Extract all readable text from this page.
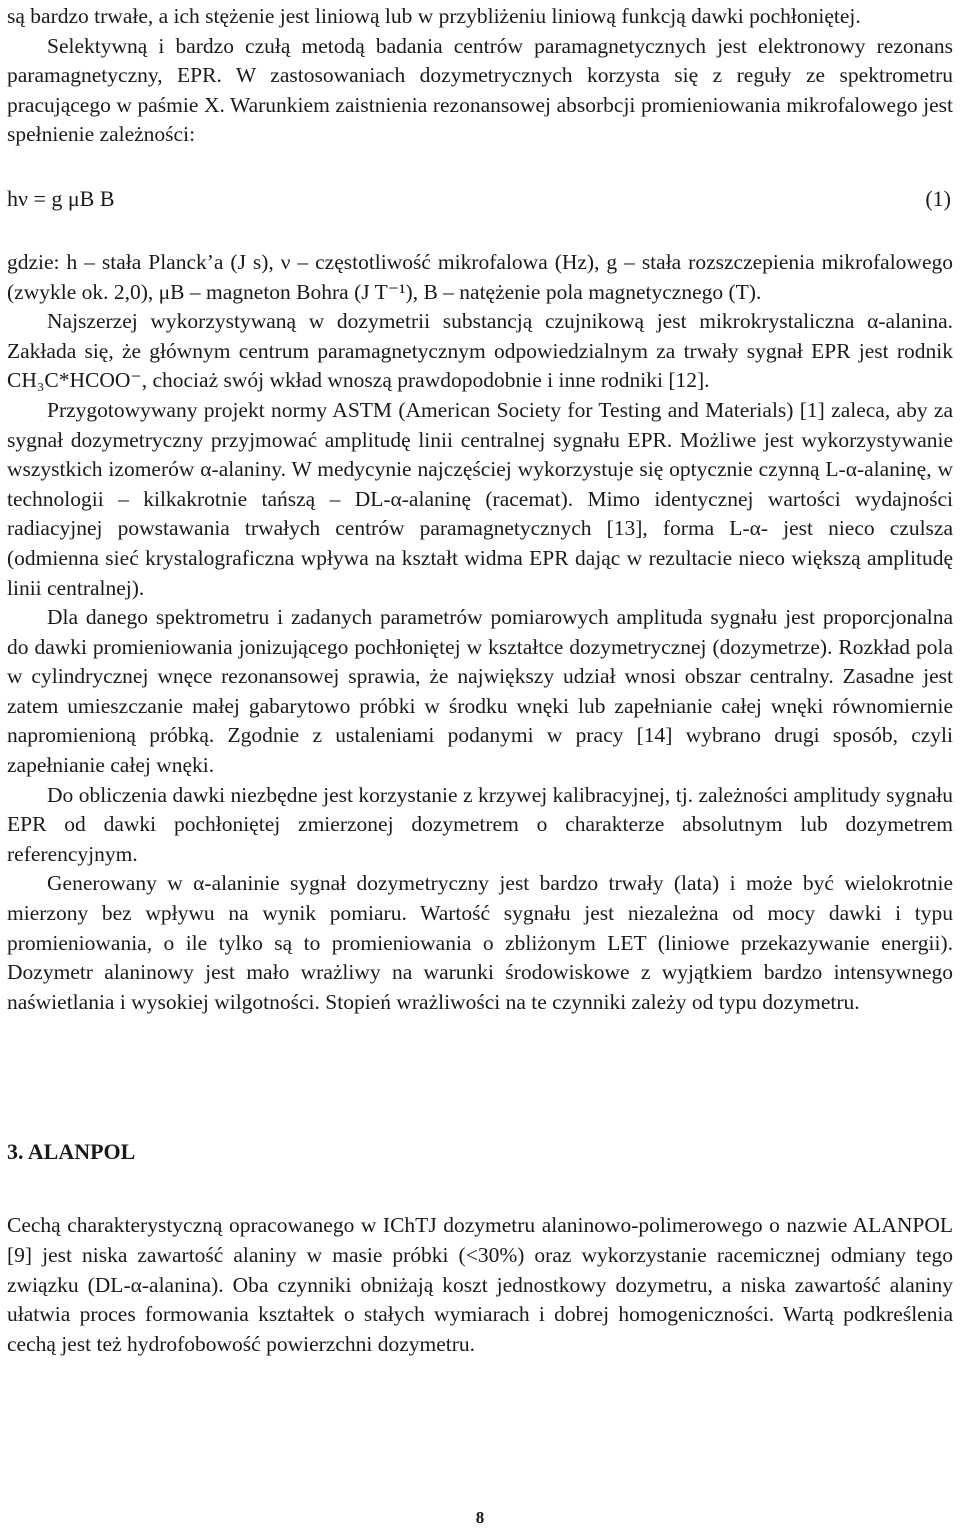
są bardzo trwałe, a ich stężenie jest liniową lub w przybliżeniu liniową funkcją dawki pochłoniętej.

Selektywną i bardzo czułą metodą badania centrów paramagnetycznych jest elektronowy rezonans paramagnetyczny, EPR. W zastosowaniach dozymetrycznych korzysta się z reguły ze spektrometru pracującego w paśmie X. Warunkiem zaistnienia rezonansowej absorbcji promieniowania mikrofalowego jest spełnienie zależności:

hν = g μB B	(1)

gdzie: h – stała Planck’a (J s), ν – częstotliwość mikrofalowa (Hz), g – stała rozszczepienia mikrofalowego (zwykle ok. 2,0), μB – magneton Bohra (J T⁻¹), B – natężenie pola magnetycznego (T).

Najszerzej wykorzystywaną w dozymetrii substancją czujnikową jest mikrokrystaliczna α-alanina. Zakłada się, że głównym centrum paramagnetycznym odpowiedzialnym za trwały sygnał EPR jest rodnik CH₃C*HCOO⁻, chociaż swój wkład wnoszą prawdopodobnie i inne rodniki [12].

Przygotowywany projekt normy ASTM (American Society for Testing and Materials) [1] zaleca, aby za sygnał dozymetryczny przyjmować amplitudę linii centralnej sygnału EPR. Możliwe jest wykorzystywanie wszystkich izomerów α-alaniny. W medycynie najczęściej wykorzystuje się optycznie czynną L-α-alaninę, w technologii – kilkakrotnie tańszą – DL-α-alaninę (racemat). Mimo identycznej wartości wydajności radiacyjnej powstawania trwałych centrów paramagnetycznych [13], forma L-α- jest nieco czulsza (odmienna sieć krystalograficzna wpływa na kształt widma EPR dając w rezultacie nieco większą amplitudę linii centralnej).

Dla danego spektrometru i zadanych parametrów pomiarowych amplituda sygnału jest proporcjonalna do dawki promieniowania jonizującego pochłoniętej w kształtce dozymetrycznej (dozymetrze). Rozkład pola w cylindrycznej wnęce rezonansowej sprawia, że największy udział wnosi obszar centralny. Zasadne jest zatem umieszczanie małej gabarytowo próbki w środku wnęki lub zapełnianie całej wnęki równomiernie napromienioną próbką. Zgodnie z ustaleniami podanymi w pracy [14] wybrano drugi sposób, czyli zapełnianie całej wnęki.

Do obliczenia dawki niezbędne jest korzystanie z krzywej kalibracyjnej, tj. zależności amplitudy sygnału EPR od dawki pochłoniętej zmierzonej dozymetrem o charakterze absolutnym lub dozymetrem referencyjnym.

Generowany w α-alaninie sygnał dozymetryczny jest bardzo trwały (lata) i może być wielokrotnie mierzony bez wpływu na wynik pomiaru. Wartość sygnału jest niezależna od mocy dawki i typu promieniowania, o ile tylko są to promieniowania o zbliżonym LET (liniowe przekazywanie energii). Dozymetr alaninowy jest mało wrażliwy na warunki środowiskowe z wyjątkiem bardzo intensywnego naświetlania i wysokiej wilgotności. Stopień wrażliwości na te czynniki zależy od typu dozymetru.

3. ALANPOL

Cechą charakterystyczną opracowanego w IChTJ dozymetru alaninowo-polimerowego o nazwie ALANPOL [9] jest niska zawartość alaniny w masie próbki (<30%) oraz wykorzystanie racemicznej odmiany tego związku (DL-α-alanina). Oba czynniki obniżają koszt jednostkowy dozymetru, a niska zawartość alaniny ułatwia proces formowania kształtek o stałych wymiarach i dobrej homogeniczności. Wartą podkreślenia cechą jest też hydrofobowość powierzchni dozymetru.

8
